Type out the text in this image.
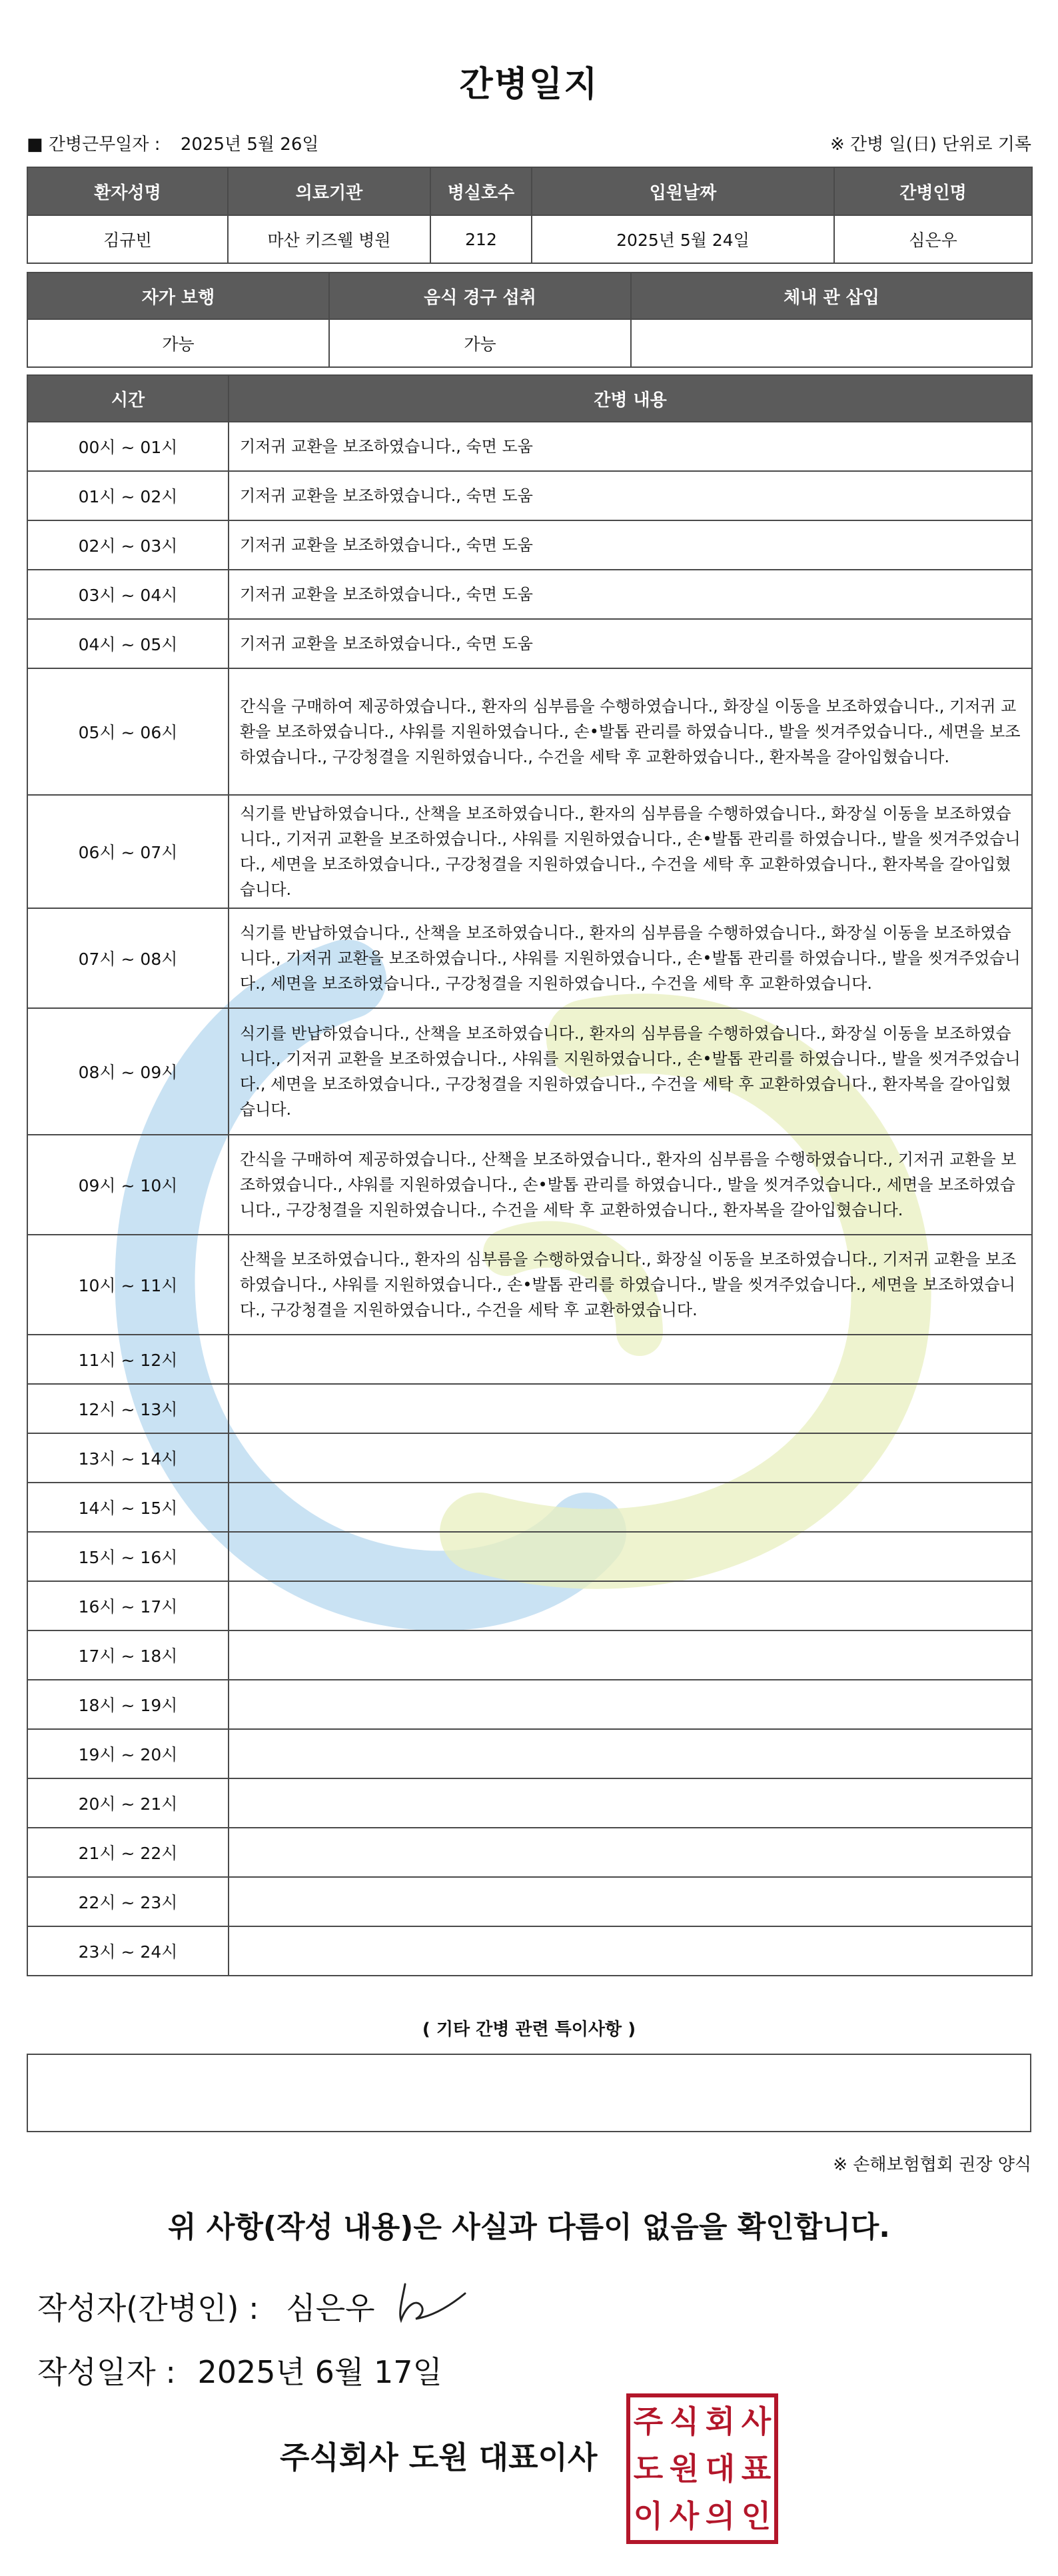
간병일지
■ 간병근무일자 : 2025년 5월 26일	※ 간병 일(日) 단위로 기록
환자성명	의료기관	병실호수	입원날짜	간병인명
김규빈	마산 키즈웰 병원	212	2025년 5월 24일	심은우
자가 보행	음식 경구 섭취	체내 관 삽입
가능	가능	
시간	간병 내용
00시 ~ 01시	기저귀 교환을 보조하였습니다., 숙면 도움
01시 ~ 02시	기저귀 교환을 보조하였습니다., 숙면 도움
02시 ~ 03시	기저귀 교환을 보조하였습니다., 숙면 도움
03시 ~ 04시	기저귀 교환을 보조하였습니다., 숙면 도움
04시 ~ 05시	기저귀 교환을 보조하였습니다., 숙면 도움
05시 ~ 06시	간식을 구매하여 제공하였습니다., 환자의 심부름을 수행하였습니다., 화장실 이동을 보조하였습니다., 기저귀 교환을 보조하였습니다., 샤워를 지원하였습니다., 손•발톱 관리를 하였습니다., 발을 씻겨주었습니다., 세면을 보조하였습니다., 구강청결을 지원하였습니다., 수건을 세탁 후 교환하였습니다., 환자복을 갈아입혔습니다.
06시 ~ 07시	식기를 반납하였습니다., 산책을 보조하였습니다., 환자의 심부름을 수행하였습니다., 화장실 이동을 보조하였습니다., 기저귀 교환을 보조하였습니다., 샤워를 지원하였습니다., 손•발톱 관리를 하였습니다., 발을 씻겨주었습니다., 세면을 보조하였습니다., 구강청결을 지원하였습니다., 수건을 세탁 후 교환하였습니다., 환자복을 갈아입혔습니다.
07시 ~ 08시	식기를 반납하였습니다., 산책을 보조하였습니다., 환자의 심부름을 수행하였습니다., 화장실 이동을 보조하였습니다., 기저귀 교환을 보조하였습니다., 샤워를 지원하였습니다., 손•발톱 관리를 하였습니다., 발을 씻겨주었습니다., 세면을 보조하였습니다., 구강청결을 지원하였습니다., 수건을 세탁 후 교환하였습니다.
08시 ~ 09시	식기를 반납하였습니다., 산책을 보조하였습니다., 환자의 심부름을 수행하였습니다., 화장실 이동을 보조하였습니다., 기저귀 교환을 보조하였습니다., 샤워를 지원하였습니다., 손•발톱 관리를 하였습니다., 발을 씻겨주었습니다., 세면을 보조하였습니다., 구강청결을 지원하였습니다., 수건을 세탁 후 교환하였습니다., 환자복을 갈아입혔습니다.
09시 ~ 10시	간식을 구매하여 제공하였습니다., 산책을 보조하였습니다., 환자의 심부름을 수행하였습니다., 기저귀 교환을 보조하였습니다., 샤워를 지원하였습니다., 손•발톱 관리를 하였습니다., 발을 씻겨주었습니다., 세면을 보조하였습니다., 구강청결을 지원하였습니다., 수건을 세탁 후 교환하였습니다., 환자복을 갈아입혔습니다.
10시 ~ 11시	산책을 보조하였습니다., 환자의 심부름을 수행하였습니다., 화장실 이동을 보조하였습니다., 기저귀 교환을 보조하였습니다., 샤워를 지원하였습니다., 손•발톱 관리를 하였습니다., 발을 씻겨주었습니다., 세면을 보조하였습니다., 구강청결을 지원하였습니다., 수건을 세탁 후 교환하였습니다.
11시 ~ 12시	
12시 ~ 13시	
13시 ~ 14시	
14시 ~ 15시	
15시 ~ 16시	
16시 ~ 17시	
17시 ~ 18시	
18시 ~ 19시	
19시 ~ 20시	
20시 ~ 21시	
21시 ~ 22시	
22시 ~ 23시	
23시 ~ 24시	
( 기타 간병 관련 특이사항 )
※ 손해보험협회 권장 양식
위 사항(작성 내용)은 사실과 다름이 없음을 확인합니다.
작성자(간병인) : 심은우
작성일자 : 2025년 6월 17일
주식회사 도원 대표이사
주 식 회 사
도 원 대 표
이 사 의 인
